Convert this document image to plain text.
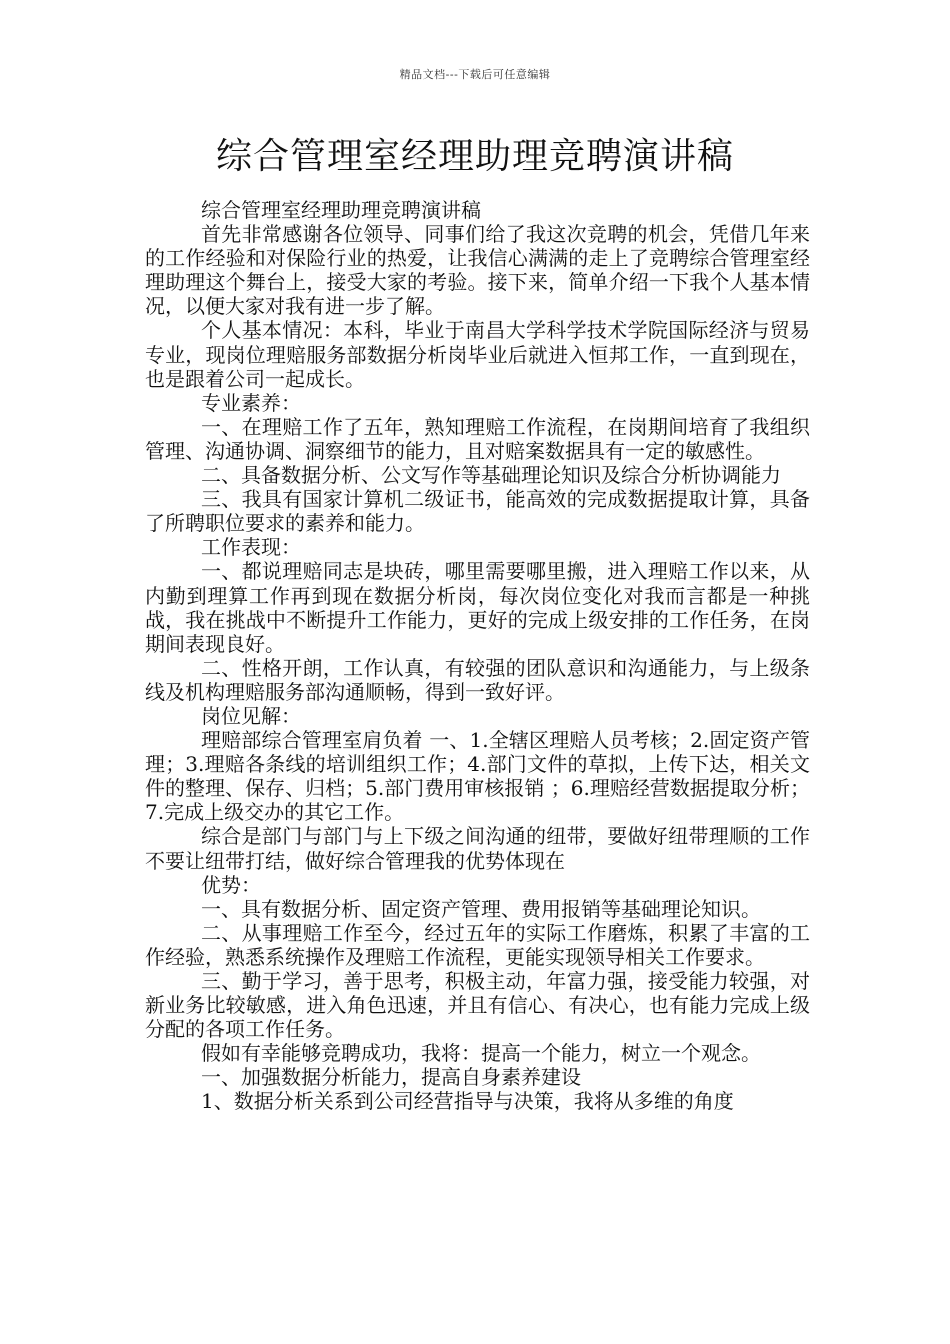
精品文档---下载后可任意编辑
综合管理室经理助理竞聘演讲稿

综合管理室经理助理竞聘演讲稿

首先非常感谢各位领导、同事们给了我这次竞聘的机会，凭借几年来的工作经验和对保险行业的热爱，让我信心满满的走上了竞聘综合管理室经理助理这个舞台上，接受大家的考验。接下来，简单介绍一下我个人基本情况，以便大家对我有进一步了解。

个人基本情况：本科，毕业于南昌大学科学技术学院国际经济与贸易专业，现岗位理赔服务部数据分析岗毕业后就进入恒邦工作，一直到现在，也是跟着公司一起成长。

专业素养：

一、在理赔工作了五年，熟知理赔工作流程，在岗期间培育了我组织管理、沟通协调、洞察细节的能力，且对赔案数据具有一定的敏感性。

二、具备数据分析、公文写作等基础理论知识及综合分析协调能力

三、我具有国家计算机二级证书，能高效的完成数据提取计算，具备了所聘职位要求的素养和能力。

工作表现：

一、都说理赔同志是块砖，哪里需要哪里搬，进入理赔工作以来，从内勤到理算工作再到现在数据分析岗，每次岗位变化对我而言都是一种挑战，我在挑战中不断提升工作能力，更好的完成上级安排的工作任务，在岗期间表现良好。

二、性格开朗，工作认真，有较强的团队意识和沟通能力，与上级条线及机构理赔服务部沟通顺畅，得到一致好评。

岗位见解：

理赔部综合管理室肩负着 一、1.全辖区理赔人员考核；2.固定资产管理；3.理赔各条线的培训组织工作；4.部门文件的草拟，上传下达，相关文件的整理、保存、归档；5.部门费用审核报销 ；6.理赔经营数据提取分析；7.完成上级交办的其它工作。

综合是部门与部门与上下级之间沟通的纽带，要做好纽带理顺的工作 不要让纽带打结，做好综合管理我的优势体现在

优势：

一、具有数据分析、固定资产管理、费用报销等基础理论知识。

二、从事理赔工作至今，经过五年的实际工作磨炼，积累了丰富的工作经验，熟悉系统操作及理赔工作流程，更能实现领导相关工作要求。

三、勤于学习，善于思考，积极主动，年富力强，接受能力较强，对新业务比较敏感，进入角色迅速，并且有信心、有决心，也有能力完成上级分配的各项工作任务。

假如有幸能够竞聘成功，我将：提高一个能力，树立一个观念。

一、加强数据分析能力，提高自身素养建设

1、数据分析关系到公司经营指导与决策，我将从多维的角度
